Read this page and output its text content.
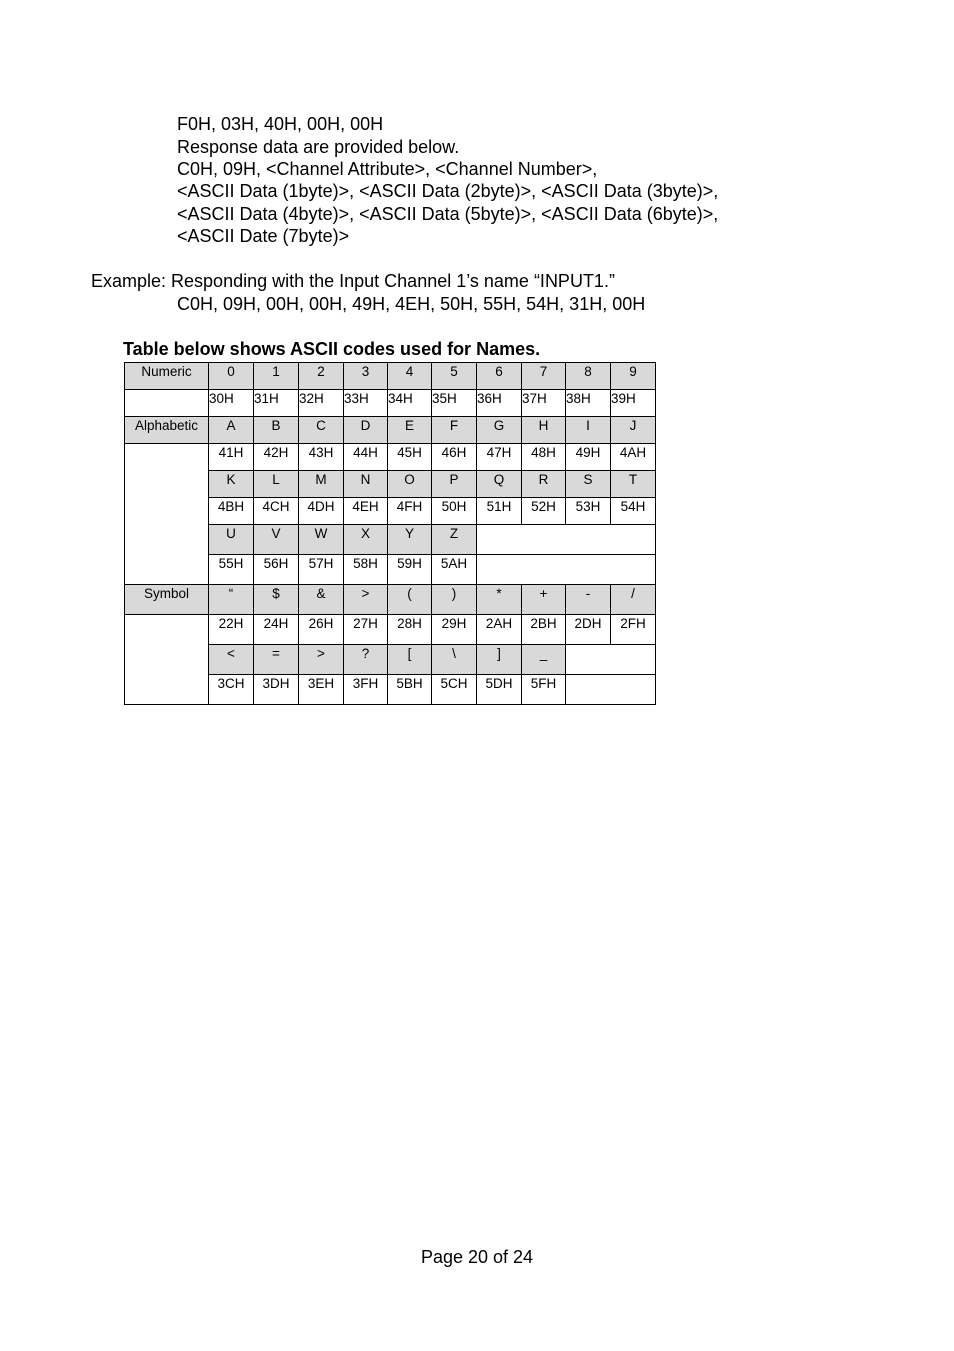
F0H, 03H, 40H, 00H, 00H
Response data are provided below.
C0H, 09H, <Channel Attribute>, <Channel Number>,
<ASCII Data (1byte)>, <ASCII Data (2byte)>, <ASCII Data (3byte)>,
<ASCII Data (4byte)>, <ASCII Data (5byte)>, <ASCII Data (6byte)>,
<ASCII Date (7byte)>
Example: Responding with the Input Channel 1’s name “INPUT1.”
C0H, 09H, 00H, 00H, 49H, 4EH, 50H, 55H, 54H, 31H, 00H
Table below shows ASCII codes used for Names.
Numeric	0	1	2	3	4	5	6	7	8	9
	30H	31H	32H	33H	34H	35H	36H	37H	38H	39H
Alphabetic	A	B	C	D	E	F	G	H	I	J
	41H	42H	43H	44H	45H	46H	47H	48H	49H	4AH
	K	L	M	N	O	P	Q	R	S	T
	4BH	4CH	4DH	4EH	4FH	50H	51H	52H	53H	54H
	U	V	W	X	Y	Z				
	55H	56H	57H	58H	59H	5AH				
Symbol	“	$	&	>	(	)	*	+	-	/
	22H	24H	26H	27H	28H	29H	2AH	2BH	2DH	2FH
	<	=	>	?	[	\	]	_		
	3CH	3DH	3EH	3FH	5BH	5CH	5DH	5FH		
Page 20 of 24
